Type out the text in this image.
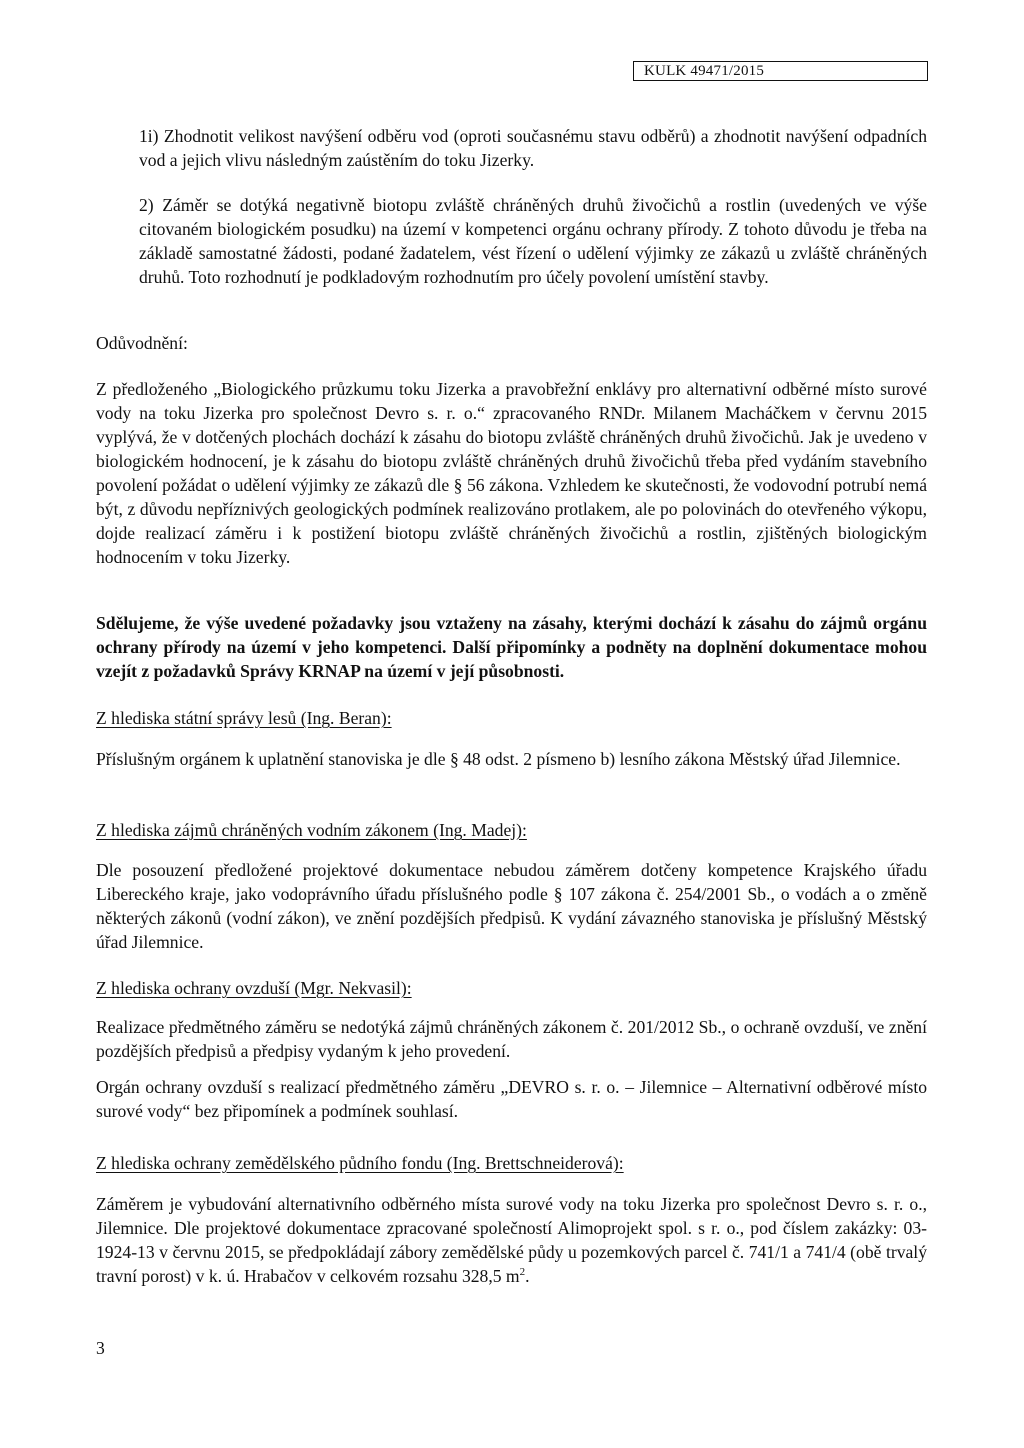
KULK 49471/2015

1i) Zhodnotit velikost navýšení odběru vod (oproti současnému stavu odběrů) a zhodnotit navýšení odpadních vod a jejich vlivu následným zaústěním do toku Jizerky.

2) Záměr se dotýká negativně biotopu zvláště chráněných druhů živočichů a rostlin (uvedených ve výše citovaném biologickém posudku) na území v kompetenci orgánu ochrany přírody. Z tohoto důvodu je třeba na základě samostatné žádosti, podané žadatelem, vést řízení o udělení výjimky ze zákazů u zvláště chráněných druhů. Toto rozhodnutí je podkladovým rozhodnutím pro účely povolení umístění stavby.

Odůvodnění:

Z předloženého „Biologického průzkumu toku Jizerka a pravobřežní enklávy pro alternativní odběrné místo surové vody na toku Jizerka pro společnost Devro s. r. o.“ zpracovaného RNDr. Milanem Macháčkem v červnu 2015 vyplývá, že v dotčených plochách dochází k zásahu do biotopu zvláště chráněných druhů živočichů. Jak je uvedeno v biologickém hodnocení, je k zásahu do biotopu zvláště chráněných druhů živočichů třeba před vydáním stavebního povolení požádat o udělení výjimky ze zákazů dle § 56 zákona. Vzhledem ke skutečnosti, že vodovodní potrubí nemá být, z důvodu nepříznivých geologických podmínek realizováno protlakem, ale po polovinách do otevřeného výkopu, dojde realizací záměru i k postižení biotopu zvláště chráněných živočichů a rostlin, zjištěných biologickým hodnocením v toku Jizerky.

Sdělujeme, že výše uvedené požadavky jsou vztaženy na zásahy, kterými dochází k zásahu do zájmů orgánu ochrany přírody na území v jeho kompetenci. Další připomínky a podněty na doplnění dokumentace mohou vzejít z požadavků Správy KRNAP na území v její působnosti.

Z hlediska státní správy lesů (Ing. Beran):

Příslušným orgánem k uplatnění stanoviska je dle § 48 odst. 2 písmeno b) lesního zákona Městský úřad Jilemnice.

Z hlediska zájmů chráněných vodním zákonem (Ing. Madej):

Dle posouzení předložené projektové dokumentace nebudou záměrem dotčeny kompetence Krajského úřadu Libereckého kraje, jako vodoprávního úřadu příslušného podle § 107 zákona č. 254/2001 Sb., o vodách a o změně některých zákonů (vodní zákon), ve znění pozdějších předpisů. K vydání závazného stanoviska je příslušný Městský úřad Jilemnice.

Z hlediska ochrany ovzduší (Mgr. Nekvasil):

Realizace předmětného záměru se nedotýká zájmů chráněných zákonem č. 201/2012 Sb., o ochraně ovzduší, ve znění pozdějších předpisů a předpisy vydaným k jeho provedení.

Orgán ochrany ovzduší s realizací předmětného záměru „DEVRO s. r. o. – Jilemnice – Alternativní odběrové místo surové vody“ bez připomínek a podmínek souhlasí.

Z hlediska ochrany zemědělského půdního fondu (Ing. Brettschneiderová):

Záměrem je vybudování alternativního odběrného místa surové vody na toku Jizerka pro společnost Devro s. r. o., Jilemnice. Dle projektové dokumentace zpracované společností Alimoprojekt spol. s r. o., pod číslem zakázky: 03-1924-13 v červnu 2015, se předpokládají zábory zemědělské půdy u pozemkových parcel č. 741/1 a 741/4 (obě trvalý travní porost) v k. ú. Hrabačov v celkovém rozsahu 328,5 $m^2$.

3
